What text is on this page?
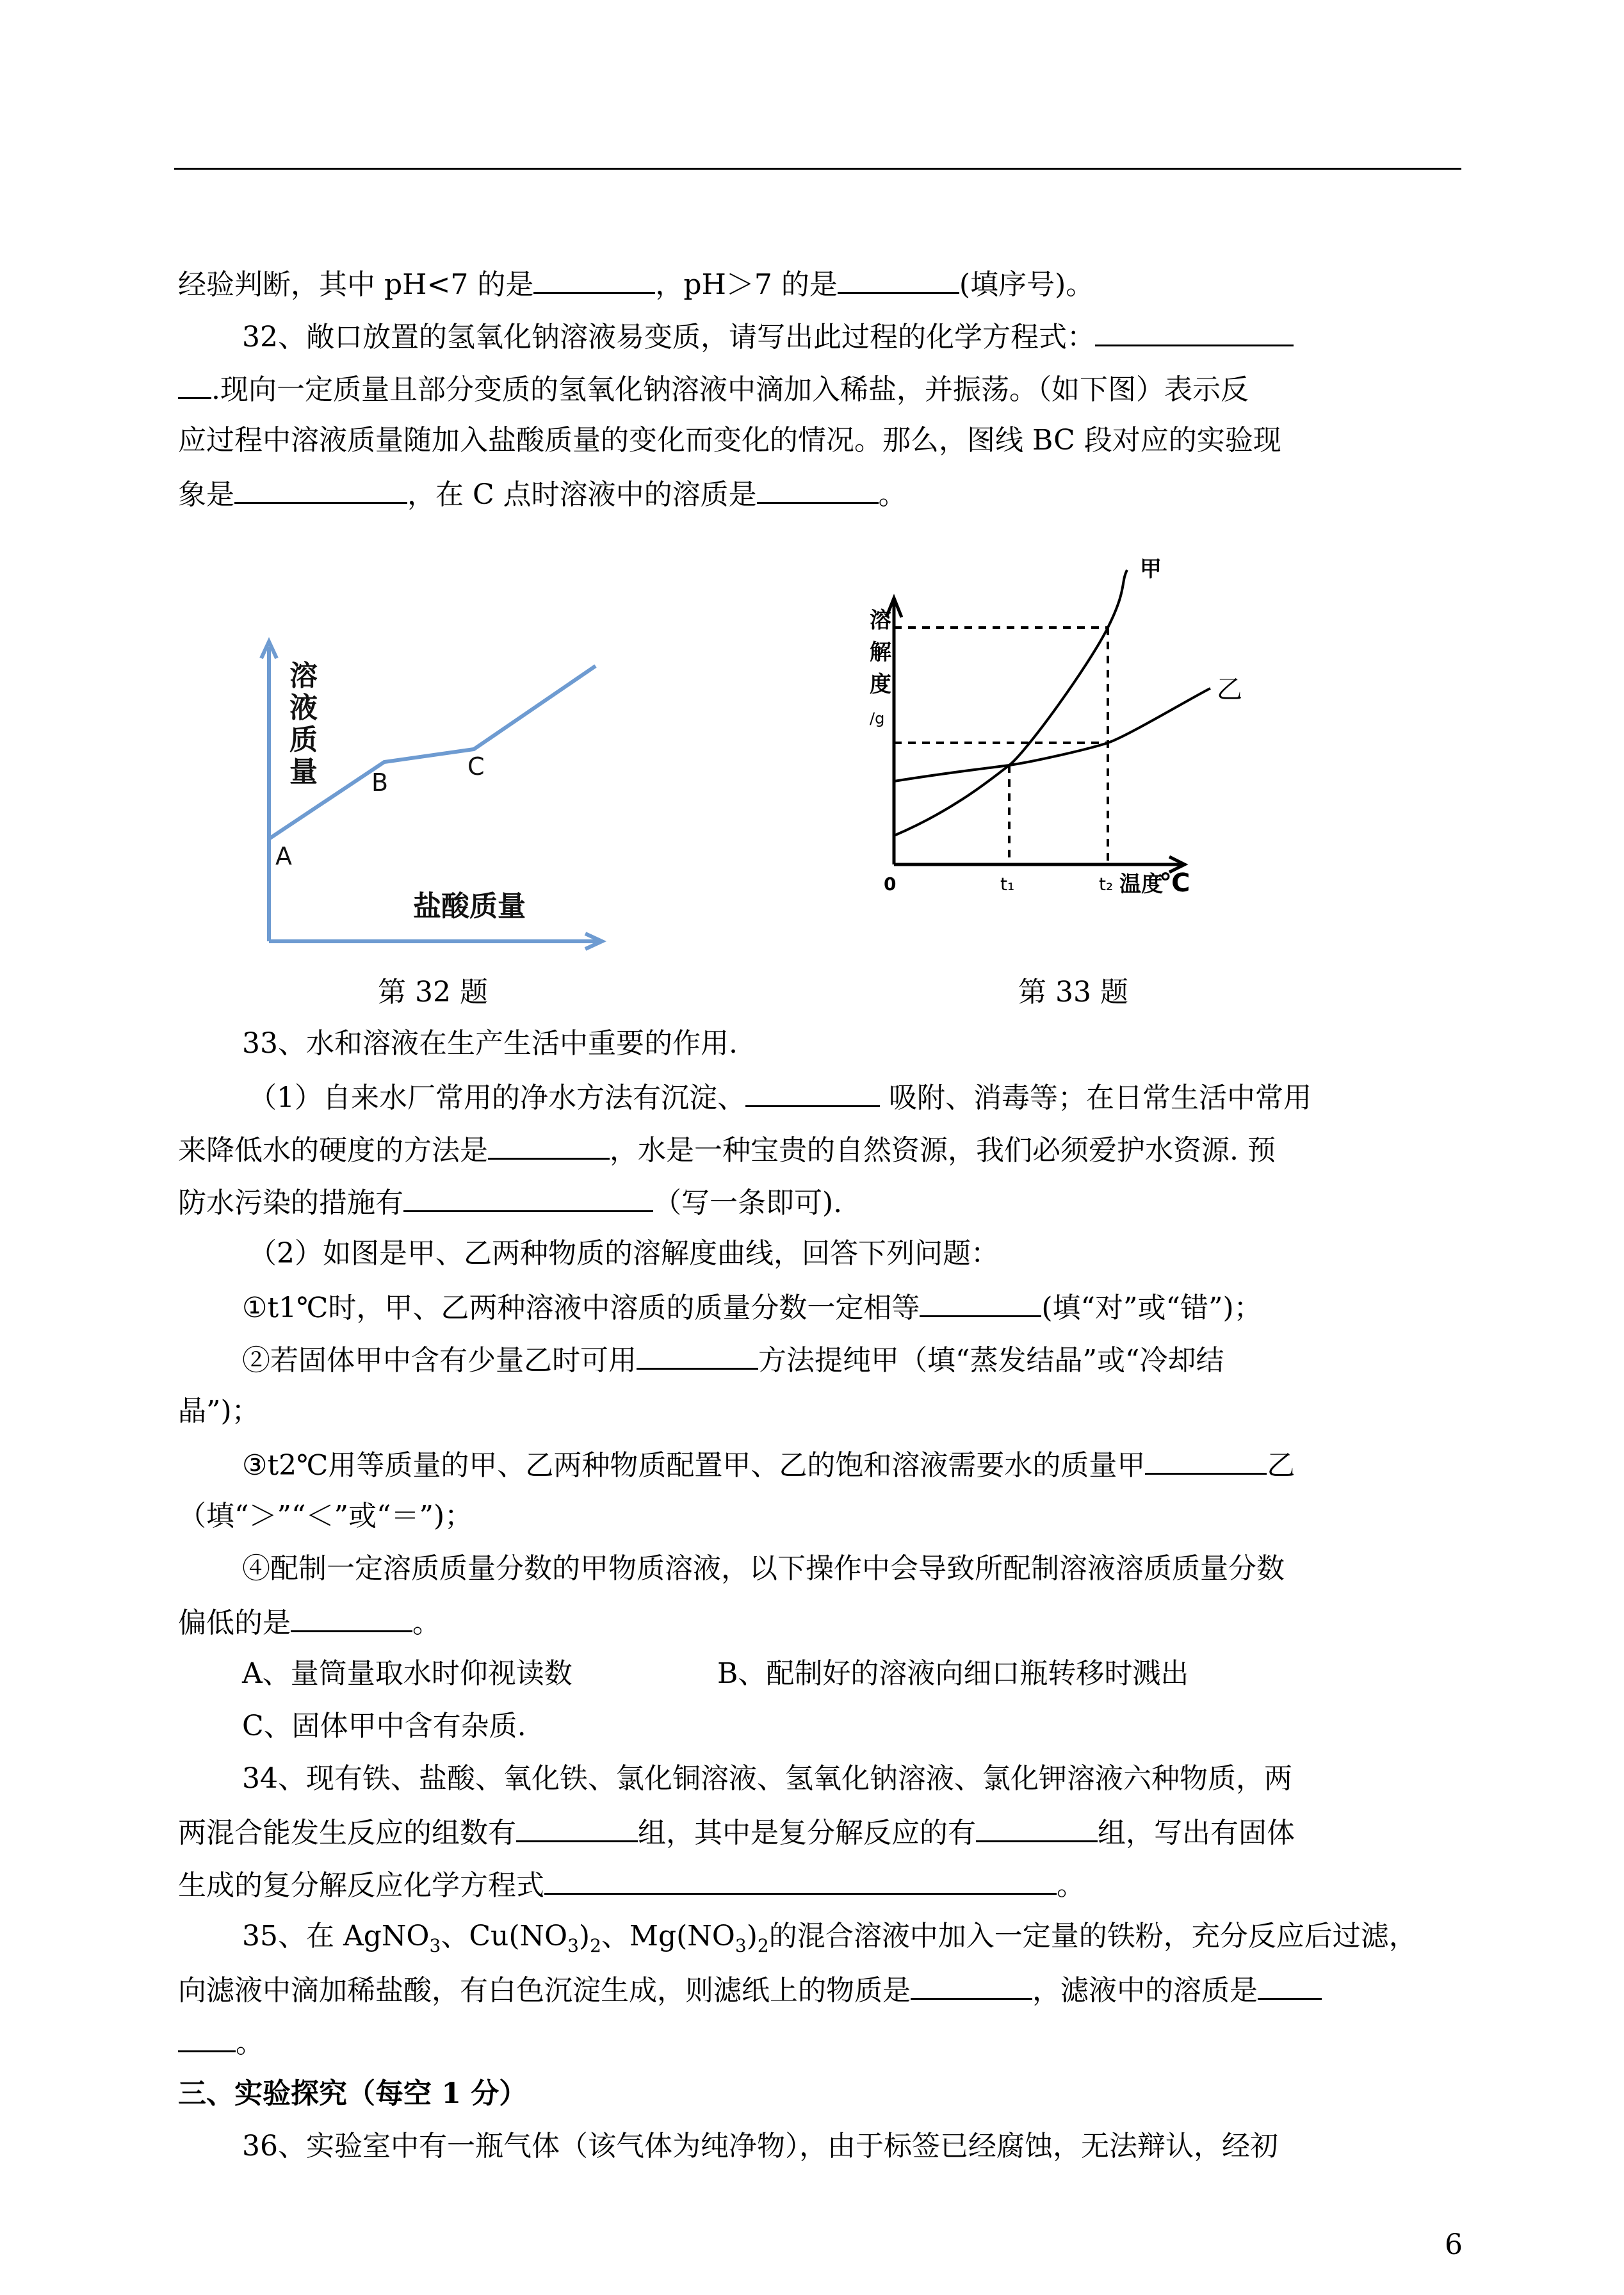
经验判断，其中 pH<7 的是	，pH＞7 的是	(填序号)。
32、敞口放置的氢氧化钠溶液易变质，请写出此过程的化学方程式：
.现向一定质量且部分变质的氢氧化钠溶液中滴加入稀盐，并振荡。（如下图）表示反
应过程中溶液质量随加入盐酸质量的变化而变化的情况。那么，图线 BC 段对应的实验现
象是	，在 C 点时溶液中的溶质是	。
溶
液
质
量
盐酸质量
A
B
C
溶
解
度
/g
甲
乙
0	t₁	t₂ 温度
℃
第 32 题	第 33 题
33、水和溶液在生产生活中重要的作用.
（1）自来水厂常用的净水方法有沉淀、	吸附、消毒等；在日常生活中常用
来降低水的硬度的方法是	，水是一种宝贵的自然资源，我们必须爱护水资源. 预
防水污染的措施有	（写一条即可).
（2）如图是甲、乙两种物质的溶解度曲线，回答下列问题：
①t1℃时，甲、乙两种溶液中溶质的质量分数一定相等	(填“对”或“错”)；
②若固体甲中含有少量乙时可用	方法提纯甲（填“蒸发结晶”或“冷却结
晶”)；
③t2℃用等质量的甲、乙两种物质配置甲、乙的饱和溶液需要水的质量甲	乙
（填“＞”“＜”或“＝”)；
④配制一定溶质质量分数的甲物质溶液，以下操作中会导致所配制溶液溶质质量分数
偏低的是	。
A、量筒量取水时仰视读数	B、配制好的溶液向细口瓶转移时溅出
C、固体甲中含有杂质.
34、现有铁、盐酸、氧化铁、氯化铜溶液、氢氧化钠溶液、氯化钾溶液六种物质，两
两混合能发生反应的组数有	组，其中是复分解反应的有	组，写出有固体
生成的复分解反应化学方程式	。
35、在 AgNO$_3$、$Cu(NO_3)_2$、$Mg(NO_3)_2$的混合溶液中加入一定量的铁粉，充分反应后过滤，
向滤液中滴加稀盐酸，有白色沉淀生成，则滤纸上的物质是	，滤液中的溶质是
。
三、实验探究（每空 1 分）
36、实验室中有一瓶气体（该气体为纯净物），由于标签已经腐蚀，无法辩认，经初
6
